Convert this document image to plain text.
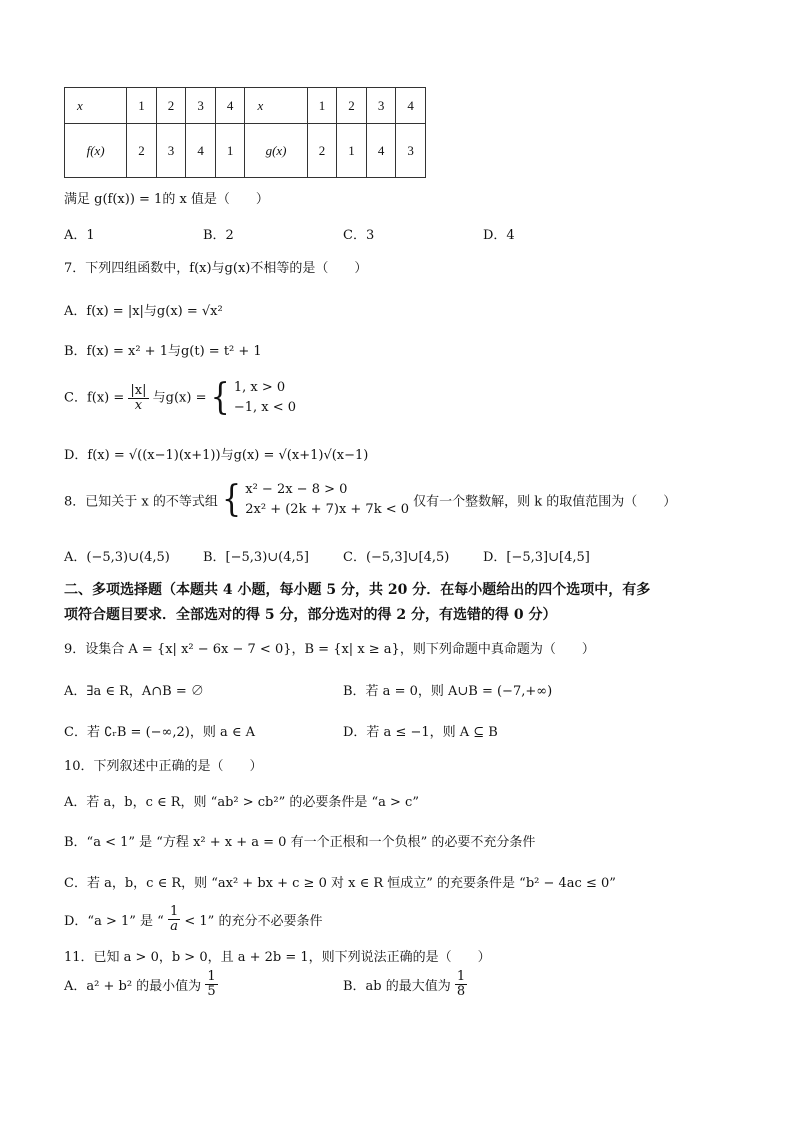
x	1	2	3	4	x	1	2	3	4
f(x)	2	3	4	1	g(x)	2	1	4	3
满足 g(f(x)) = 1的 x 值是（　　）
A．1	B．2	C．3	D．4
7．下列四组函数中，f(x)与g(x)不相等的是（　　）
A．f(x) = |x|与g(x) = √x²
B．f(x) = x² + 1与g(t) = t² + 1
C．$f(x) = \frac{|x|}{x}$ 与g(x) = { 1, x > 0
−1, x < 0
D．f(x) = √((x−1)(x+1))与g(x) = √(x+1)√(x−1)
8．已知关于 x 的不等式组 { x² − 2x − 8 > 0
2x² + (2k + 7)x + 7k < 0 仅有一个整数解，则 k 的取值范围为（　　）
A．(−5,3)∪(4,5)	B．[−5,3)∪(4,5]	C．(−5,3]∪[4,5)	D．[−5,3]∪[4,5]
二、多项选择题（本题共 4 小题，每小题 5 分，共 20 分．在每小题给出的四个选项中，有多
项符合题目要求．全部选对的得 5 分，部分选对的得 2 分，有选错的得 0 分）
9．设集合 A = {x| x² − 6x − 7 < 0}，B = {x| x ≥ a}，则下列命题中真命题为（　　）
A．∃a ∈ R，A∩B = ∅	B．若 a = 0，则 A∪B = (−7,+∞)
C．若 ∁ᵣB = (−∞,2)，则 a ∈ A	D．若 a ≤ −1，则 A ⊆ B
10．下列叙述中正确的是（　　）
A．若 a，b，c ∈ R，则 “ab² > cb²” 的必要条件是 “a > c”
B．“a < 1” 是 “方程 x² + x + a = 0 有一个正根和一个负根” 的必要不充分条件
C．若 a，b，c ∈ R，则 “ax² + bx + c ≥ 0 对 x ∈ R 恒成立” 的充要条件是 “b² − 4ac ≤ 0”
D．“a > 1” 是 “ $\frac{1}{a} < 1$” 的充分不必要条件
11．已知 a > 0，b > 0，且 a + 2b = 1，则下列说法正确的是（　　）
A．a² + b² 的最小值为 $\frac{1}{5}$	B．ab 的最大值为 $\frac{1}{8}$
